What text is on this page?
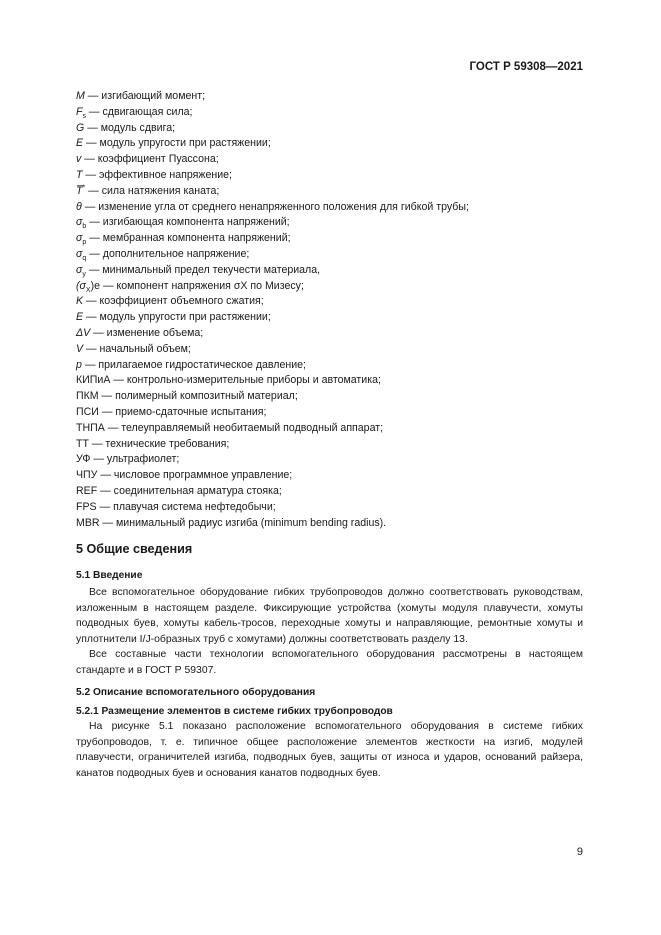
ГОСТ Р 59308—2021
M — изгибающий момент;
$F_s$ — сдвигающая сила;
G — модуль сдвига;
E — модуль упругости при растяжении;
v — коэффициент Пуассона;
T — эффективное напряжение;
T̅* — сила натяжения каната;
θ — изменение угла от среднего ненапряженного положения для гибкой трубы;
$\sigma_b$ — изгибающая компонента напряжений;
$\sigma_p$ — мембранная компонента напряжений;
$\sigma_q$ — дополнительное напряжение;
$\sigma_y$ — минимальный предел текучести материала,
$(\sigma_X)e$ — компонент напряжения σX по Мизесу;
K — коэффициент объемного сжатия;
E — модуль упругости при растяжении;
ΔV — изменение объема;
V — начальный объем;
p — прилагаемое гидростатическое давление;
КИПиА — контрольно-измерительные приборы и автоматика;
ПКМ — полимерный композитный материал;
ПСИ — приемо-сдаточные испытания;
ТНПА — телеуправляемый необитаемый подводный аппарат;
ТТ — технические требования;
УФ — ультрафиолет;
ЧПУ — числовое программное управление;
REF — соединительная арматура стояка;
FPS — плавучая система нефтедобычи;
MBR — минимальный радиус изгиба (minimum bending radius).
5 Общие сведения
5.1 Введение

Все вспомогательное оборудование гибких трубопроводов должно соответствовать руководствам, изложенным в настоящем разделе. Фиксирующие устройства (хомуты модуля плавучести, хомуты подводных буев, хомуты кабель-тросов, переходные хомуты и направляющие, ремонтные хомуты и уплотнители I/J-образных труб с хомутами) должны соответствовать разделу 13.

Все составные части технологии вспомогательного оборудования рассмотрены в настоящем стандарте и в ГОСТ Р 59307.

5.2 Описание вспомогательного оборудования
5.2.1 Размещение элементов в системе гибких трубопроводов

На рисунке 5.1 показано расположение вспомогательного оборудования в системе гибких трубопроводов, т. е. типичное общее расположение элементов жесткости на изгиб, модулей плавучести, ограничителей изгиба, подводных буев, защиты от износа и ударов, оснований райзера, канатов подводных буев и основания канатов подводных буев.

9
